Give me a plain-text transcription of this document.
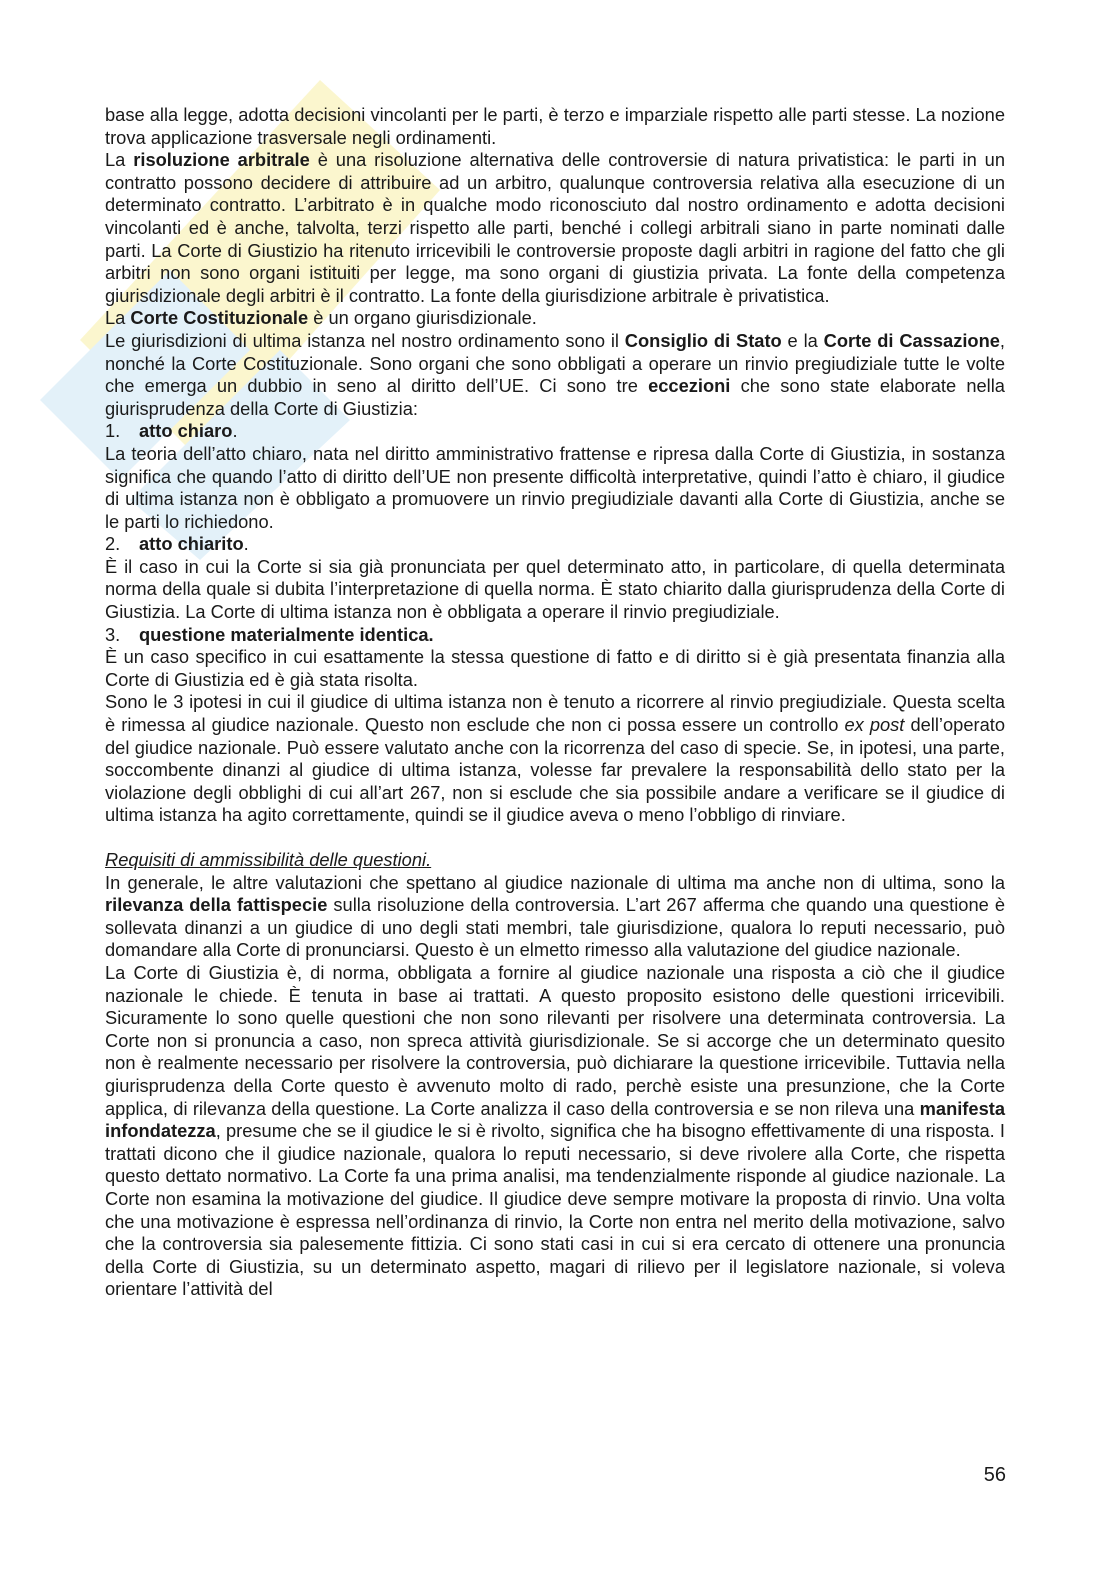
base alla legge, adotta decisioni vincolanti per le parti, è terzo e imparziale rispetto alle parti stesse. La nozione trova applicazione trasversale negli ordinamenti.

La risoluzione arbitrale è una risoluzione alternativa delle controversie di natura privatistica: le parti in un contratto possono decidere di attribuire ad un arbitro, qualunque controversia relativa alla esecuzione di un determinato contratto. L’arbitrato è in qualche modo riconosciuto dal nostro ordinamento e adotta decisioni vincolanti ed è anche, talvolta, terzi rispetto alle parti, benché i collegi arbitrali siano in parte nominati dalle parti. La Corte di Giustizio ha ritenuto irricevibili le controversie proposte dagli arbitri in ragione del fatto che gli arbitri non sono organi istituiti per legge, ma sono organi di giustizia privata. La fonte della competenza giurisdizionale degli arbitri è il contratto. La fonte della giurisdizione arbitrale è privatistica.

La Corte Costituzionale è un organo giurisdizionale.

Le giurisdizioni di ultima istanza nel nostro ordinamento sono il Consiglio di Stato e la Corte di Cassazione, nonché la Corte Costituzionale. Sono organi che sono obbligati a operare un rinvio pregiudiziale tutte le volte che emerga un dubbio in seno al diritto dell’UE. Ci sono tre eccezioni che sono state elaborate nella giurisprudenza della Corte di Giustizia:

1.	atto chiaro.

La teoria dell’atto chiaro, nata nel diritto amministrativo frattense e ripresa dalla Corte di Giustizia, in sostanza significa che quando l’atto di diritto dell’UE non presente difficoltà interpretative, quindi l’atto è chiaro, il giudice di ultima istanza non è obbligato a promuovere un rinvio pregiudiziale davanti alla Corte di Giustizia, anche se le parti lo richiedono.

2.	atto chiarito.

È il caso in cui la Corte si sia già pronunciata per quel determinato atto, in particolare, di quella determinata norma della quale si dubita l’interpretazione di quella norma. È stato chiarito dalla giurisprudenza della Corte di Giustizia. La Corte di ultima istanza non è obbligata a operare il rinvio pregiudiziale.

3.	questione materialmente identica.

È un caso specifico in cui esattamente la stessa questione di fatto e di diritto si è già presentata finanzia alla Corte di Giustizia ed è già stata risolta.

Sono le 3 ipotesi in cui il giudice di ultima istanza non è tenuto a ricorrere al rinvio pregiudiziale. Questa scelta è rimessa al giudice nazionale. Questo non esclude che non ci possa essere un controllo ex post dell’operato del giudice nazionale. Può essere valutato anche con la ricorrenza del caso di specie. Se, in ipotesi, una parte, soccombente dinanzi al giudice di ultima istanza, volesse far prevalere la responsabilità dello stato per la violazione degli obblighi di cui all’art 267, non si esclude che sia possibile andare a verificare se il giudice di ultima istanza ha agito correttamente, quindi se il giudice aveva o meno l’obbligo di rinviare.

Requisiti di ammissibilità delle questioni.

In generale, le altre valutazioni che spettano al giudice nazionale di ultima ma anche non di ultima, sono la rilevanza della fattispecie sulla risoluzione della controversia. L’art 267 afferma che quando una questione è sollevata dinanzi a un giudice di uno degli stati membri, tale giurisdizione, qualora lo reputi necessario, può domandare alla Corte di pronunciarsi. Questo è un elmetto rimesso alla valutazione del giudice nazionale.

La Corte di Giustizia è, di norma, obbligata a fornire al giudice nazionale una risposta a ciò che il giudice nazionale le chiede. È tenuta in base ai trattati. A questo proposito esistono delle questioni irricevibili. Sicuramente lo sono quelle questioni che non sono rilevanti per risolvere una determinata controversia. La Corte non si pronuncia a caso, non spreca attività giurisdizionale. Se si accorge che un determinato quesito non è realmente necessario per risolvere la controversia, può dichiarare la questione irricevibile. Tuttavia nella giurisprudenza della Corte questo è avvenuto molto di rado, perchè esiste una presunzione, che la Corte applica, di rilevanza della questione. La Corte analizza il caso della controversia e se non rileva una manifesta infondatezza, presume che se il giudice le si è rivolto, significa che ha bisogno effettivamente di una risposta. I trattati dicono che il giudice nazionale, qualora lo reputi necessario, si deve rivolere alla Corte, che rispetta questo dettato normativo. La Corte fa una prima analisi, ma tendenzialmente risponde al giudice nazionale. La Corte non esamina la motivazione del giudice. Il giudice deve sempre motivare la proposta di rinvio. Una volta che una motivazione è espressa nell’ordinanza di rinvio, la Corte non entra nel merito della motivazione, salvo che la controversia sia palesemente fittizia. Ci sono stati casi in cui si era cercato di ottenere una pronuncia della Corte di Giustizia, su un determinato aspetto, magari di rilievo per il legislatore nazionale, si voleva orientare l’attività del

56
